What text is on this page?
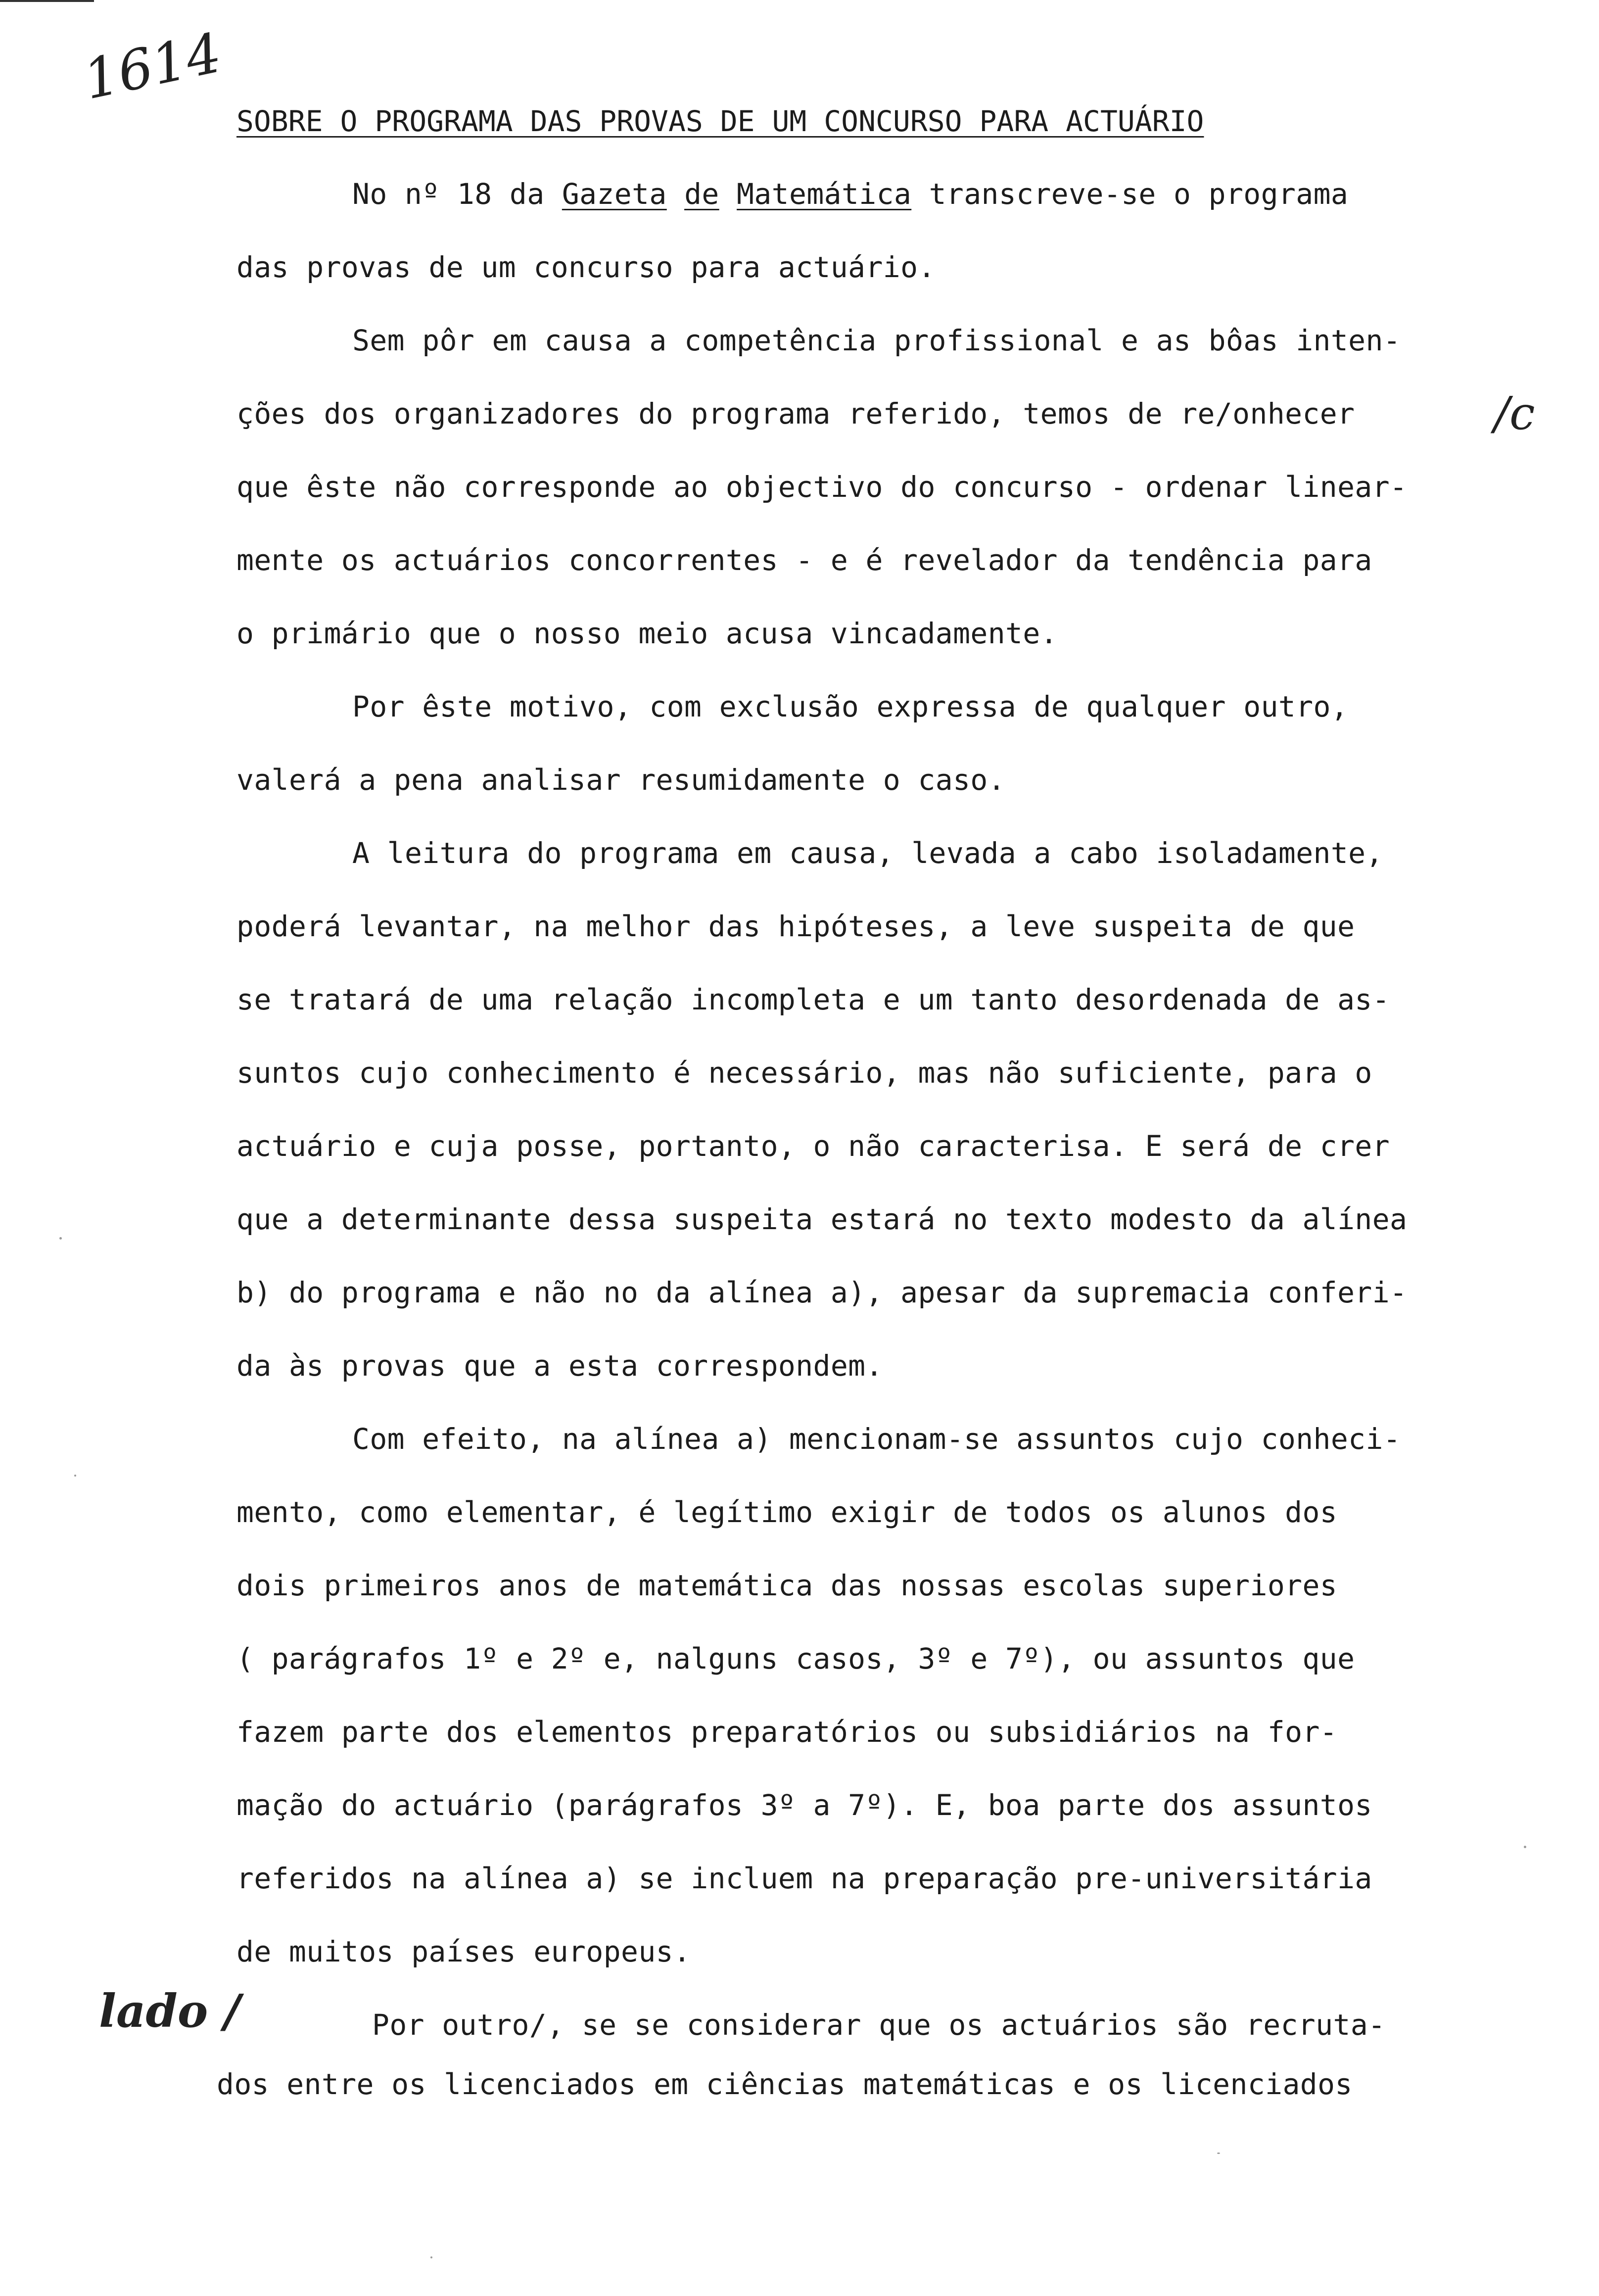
1614
SOBRE O PROGRAMA DAS PROVAS DE UM CONCURSO PARA ACTUÁRIO
No nº 18 da Gazeta de Matemática transcreve-se o programa
das provas de um concurso para actuário.
Sem pôr em causa a competência profissional e as bôas inten-
ções dos organizadores do programa referido, temos de re/onhecer	/c
que êste não corresponde ao objectivo do concurso - ordenar linear-
mente os actuários concorrentes - e é revelador da tendência para
o primário que o nosso meio acusa vincadamente.
Por êste motivo, com exclusão expressa de qualquer outro,
valerá a pena analisar resumidamente o caso.
A leitura do programa em causa, levada a cabo isoladamente,
poderá levantar, na melhor das hipóteses, a leve suspeita de que
se tratará de uma relação incompleta e um tanto desordenada de as-
suntos cujo conhecimento é necessário, mas não suficiente, para o
actuário e cuja posse, portanto, o não caracterisa. E será de crer
que a determinante dessa suspeita estará no texto modesto da alínea
b) do programa e não no da alínea a), apesar da supremacia conferi-
da às provas que a esta correspondem.
Com efeito, na alínea a) mencionam-se assuntos cujo conheci-
mento, como elementar, é legítimo exigir de todos os alunos dos
dois primeiros anos de matemática das nossas escolas superiores
( parágrafos 1º e 2º e, nalguns casos, 3º e 7º), ou assuntos que
fazem parte dos elementos preparatórios ou subsidiários na for-
mação do actuário (parágrafos 3º a 7º). E, boa parte dos assuntos
referidos na alínea a) se incluem na preparação pre-universitária
de muitos países europeus.
lado /	Por outro/, se se considerar que os actuários são recruta-
dos entre os licenciados em ciências matemáticas e os licenciados
